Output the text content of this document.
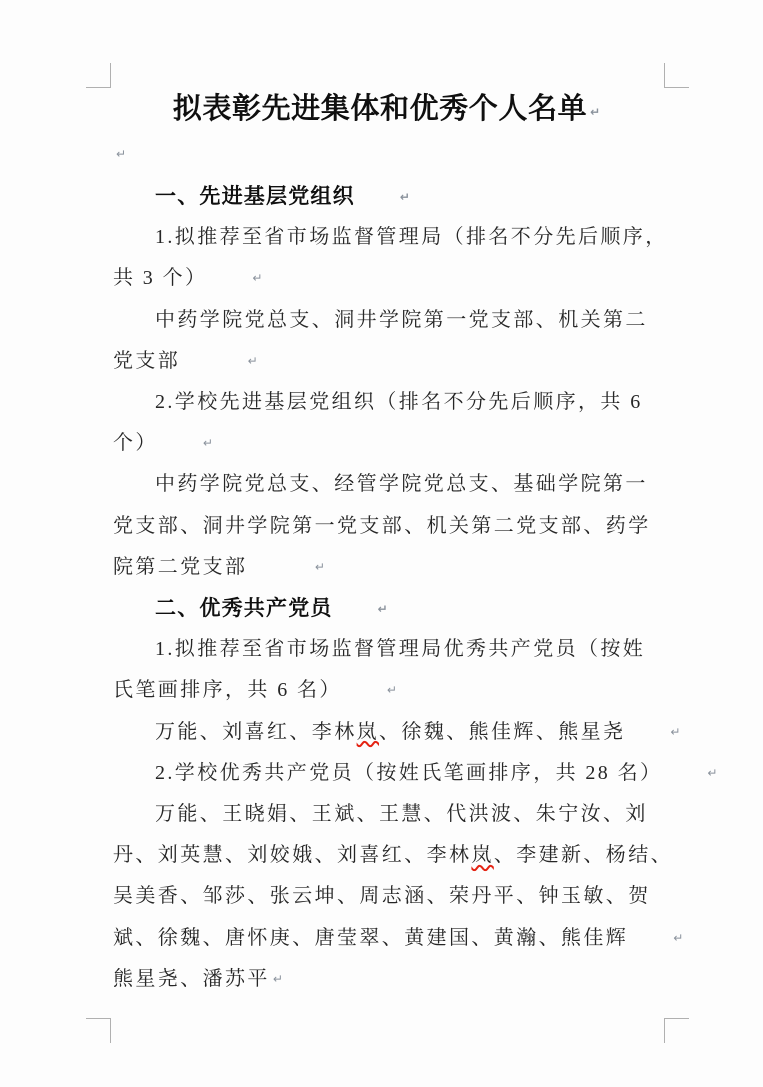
拟表彰先进集体和优秀个人名单 ↵

↵

一、先进基层党组织	↵

1.拟推荐至省市场监督管理局（排名不分先后顺序，
共 3 个）	↵

中药学院党总支、洞井学院第一党支部、机关第二
党支部　	↵

2.学校先进基层党组织（排名不分先后顺序，共 6
个）	↵

中药学院党总支、经管学院党总支、基础学院第一
党支部、洞井学院第一党支部、机关第二党支部、药学
院第二党支部　	↵

二、优秀共产党员	↵

1.拟推荐至省市场监督管理局优秀共产党员（按姓
氏笔画排序，共 6 名）	↵

万能、刘喜红、李林岚、徐魏、熊佳辉、熊星尧	↵

2.学校优秀共产党员（按姓氏笔画排序，共 28 名）	↵

万能、王晓娟、王斌、王慧、代洪波、朱宁汝、刘
丹、刘英慧、刘姣娥、刘喜红、李林岚、李建新、杨结、
吴美香、邹莎、张云坤、周志涵、荣丹平、钟玉敏、贺
斌、徐魏、唐怀庚、唐莹翠、黄建国、黄瀚、熊佳辉	↵

熊星尧、潘苏平 ↵
